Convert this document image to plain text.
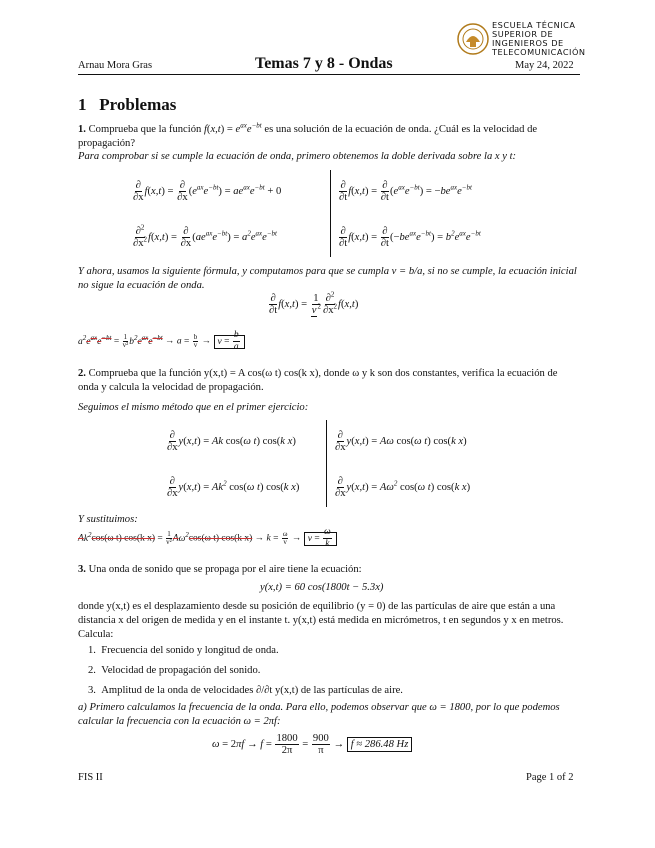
Arnau Mora Gras	Temas 7 y 8 - Ondas	May 24, 2022
ESCUELA TÉCNICA
SUPERIOR DE
INGENIEROS DE
TELECOMUNICACIÓN
1 Problemas
1. Comprueba que la función $f(x,t) = e^{ax}e^{-bt}$ es una solución de la ecuación de onda. ¿Cuál es la velocidad de propagación?
Para comprobar si se cumple la ecuación de onda, primero obtenemos la doble derivada sobre la x y t:
$\frac{\partial}{\partial x} f(x,t) = \frac{\partial}{\partial x} (e^{ax}e^{-bt}) = ae^{ax}e^{-bt} + 0$	$\frac{\partial}{\partial t} f(x,t) = \frac{\partial}{\partial t} (e^{ax}e^{-bt}) = -be^{ax}e^{-bt}$
$\frac{\partial^2}{\partial x^2} f(x,t) = \frac{\partial}{\partial x} (ae^{ax}e^{-bt}) = a^2e^{ax}e^{-bt}$	$\frac{\partial}{\partial t} f(x,t) = \frac{\partial}{\partial t} (-be^{ax}e^{-bt}) = b^2e^{ax}e^{-bt}$
Y ahora, usamos la siguiente fórmula, y computamos para que se cumpla v = b/a, si no se cumple, la ecuación inicial no sigue la ecuación de onda.
$\frac{\partial}{\partial t} f(x,t) = \frac{1}{v^2} \frac{\partial^2}{\partial x^2} f(x,t)$
$a^2e^{ax}e^{-bt} = \frac{1}{\text{v²}} b^2e^{ax}e^{-bt} \to a = \frac{b}{v} \to v = \frac{b}{a}$
2. Comprueba que la función y(x,t) = A cos(ω t) cos(k x), donde ω y k son dos constantes, verifica la ecuación de onda y calcula la velocidad de propagación.
Seguimos el mismo método que en el primer ejercicio:
$\frac{\partial}{\partial x} y(x,t) = Ak$ cos(ω t) cos(k x)	$\frac{\partial}{\partial x} y(x,t) = A\omega$ cos(ω t) cos(k x)
$\frac{\partial}{\partial x} y(x,t) = Ak^2$ cos(ω t) cos(k x)	$\frac{\partial}{\partial x} y(x,t) = A\omega^2$ cos(ω t) cos(k x)
Y sustituimos:
Ak$^2$cos(ω t) cos(k $x) = \frac{1}{\text{v²}} A\omega^2\cos(\omega$ t) cos(k $x) \to k = \frac{\omega}{v} \to v = \frac{\omega}{k}$
3. Una onda de sonido que se propaga por el aire tiene la ecuación:
y(x,t) = 60 cos(1800t − 5.3x)
donde y(x,t) es el desplazamiento desde su posición de equilibrio (y = 0) de las partículas de aire que están a una distancia x del origen de medida y en el instante t. y(x,t) está medida en micrómetros, t en segundos y x en metros. Calcula:
1.  Frecuencia del sonido y longitud de onda.
2.  Velocidad de propagación del sonido.
3.  Amplitud de la onda de velocidades ∂/∂t y(x,t) de las partículas de aire.
a) Primero calculamos la frecuencia de la onda. Para ello, podemos observar que ω = 1800, por lo que podemos calcular la frecuencia con la ecuación ω = 2πf:
$\omega = 2\pi f \to f = \frac{1800}{2\pi} = \frac{900}{\pi} \to f \approx 286.48$ Hz
FIS II	Page 1 of 2
